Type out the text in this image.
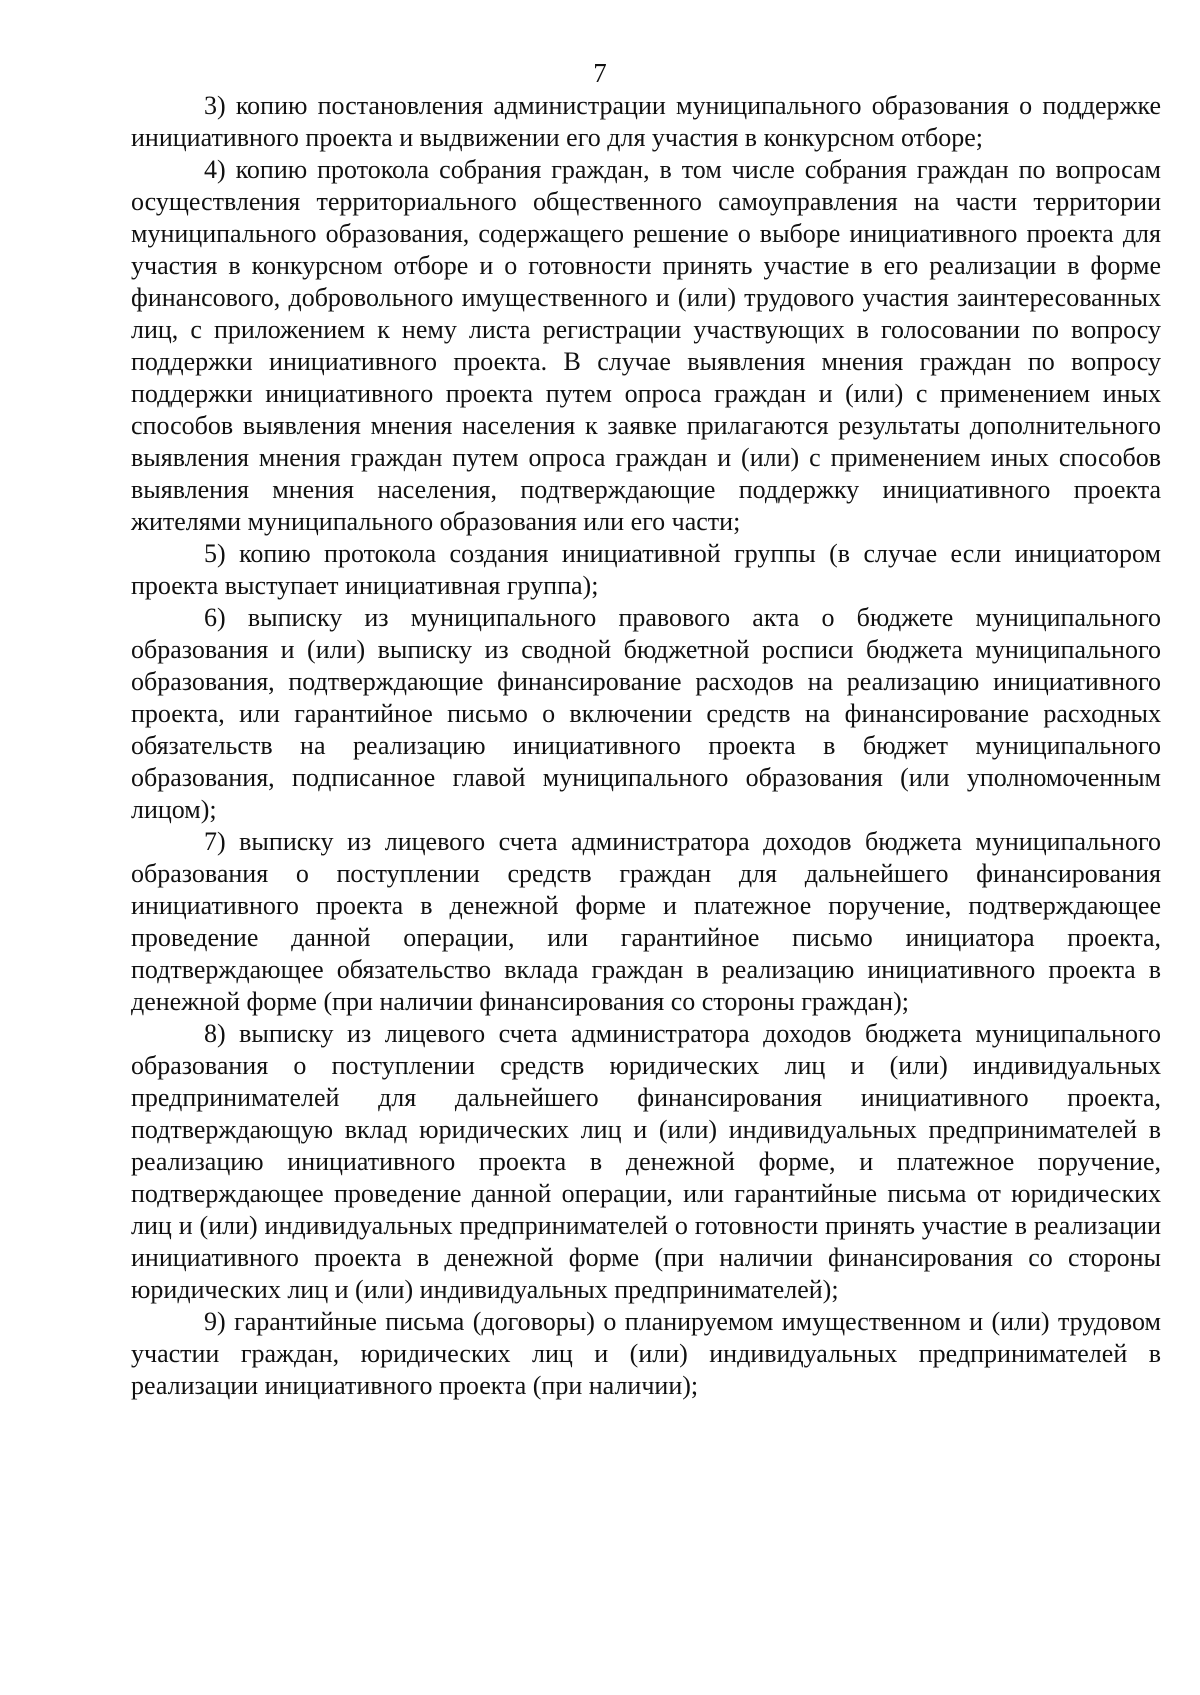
7

3) копию постановления администрации муниципального образования о поддержке инициативного проекта и выдвижении его для участия в конкурсном отборе;

4) копию протокола собрания граждан, в том числе собрания граждан по вопросам осуществления территориального общественного самоуправления на части территории муниципального образования, содержащего решение о выборе инициативного проекта для участия в конкурсном отборе и о готовности принять участие в его реализации в форме финансового, добровольного имущественного и (или) трудового участия заинтересованных лиц, с приложением к нему листа регистрации участвующих в голосовании по вопросу поддержки инициативного проекта. В случае выявления мнения граждан по вопросу поддержки инициативного проекта путем опроса граждан и (или) с применением иных способов выявления мнения населения к заявке прилагаются результаты дополнительного выявления мнения граждан путем опроса граждан и (или) с применением иных способов выявления мнения населения, подтверждающие поддержку инициативного проекта жителями муниципального образования или его части;

5) копию протокола создания инициативной группы (в случае если инициатором проекта выступает инициативная группа);

6) выписку из муниципального правового акта о бюджете муниципального образования и (или) выписку из сводной бюджетной росписи бюджета муниципального образования, подтверждающие финансирование расходов на реализацию инициативного проекта, или гарантийное письмо о включении средств на финансирование расходных обязательств на реализацию инициативного проекта в бюджет муниципального образования, подписанное главой муниципального образования (или уполномоченным лицом);

7) выписку из лицевого счета администратора доходов бюджета муниципального образования о поступлении средств граждан для дальнейшего финансирования инициативного проекта в денежной форме и платежное поручение, подтверждающее проведение данной операции, или гарантийное письмо инициатора проекта, подтверждающее обязательство вклада граждан в реализацию инициативного проекта в денежной форме (при наличии финансирования со стороны граждан);

8) выписку из лицевого счета администратора доходов бюджета муниципального образования о поступлении средств юридических лиц и (или) индивидуальных предпринимателей для дальнейшего финансирования инициативного проекта, подтверждающую вклад юридических лиц и (или) индивидуальных предпринимателей в реализацию инициативного проекта в денежной форме, и платежное поручение, подтверждающее проведение данной операции, или гарантийные письма от юридических лиц и (или) индивидуальных предпринимателей о готовности принять участие в реализации инициативного проекта в денежной форме (при наличии финансирования со стороны юридических лиц и (или) индивидуальных предпринимателей);

9) гарантийные письма (договоры) о планируемом имущественном и (или) трудовом участии граждан, юридических лиц и (или) индивидуальных предпринимателей в реализации инициативного проекта (при наличии);
